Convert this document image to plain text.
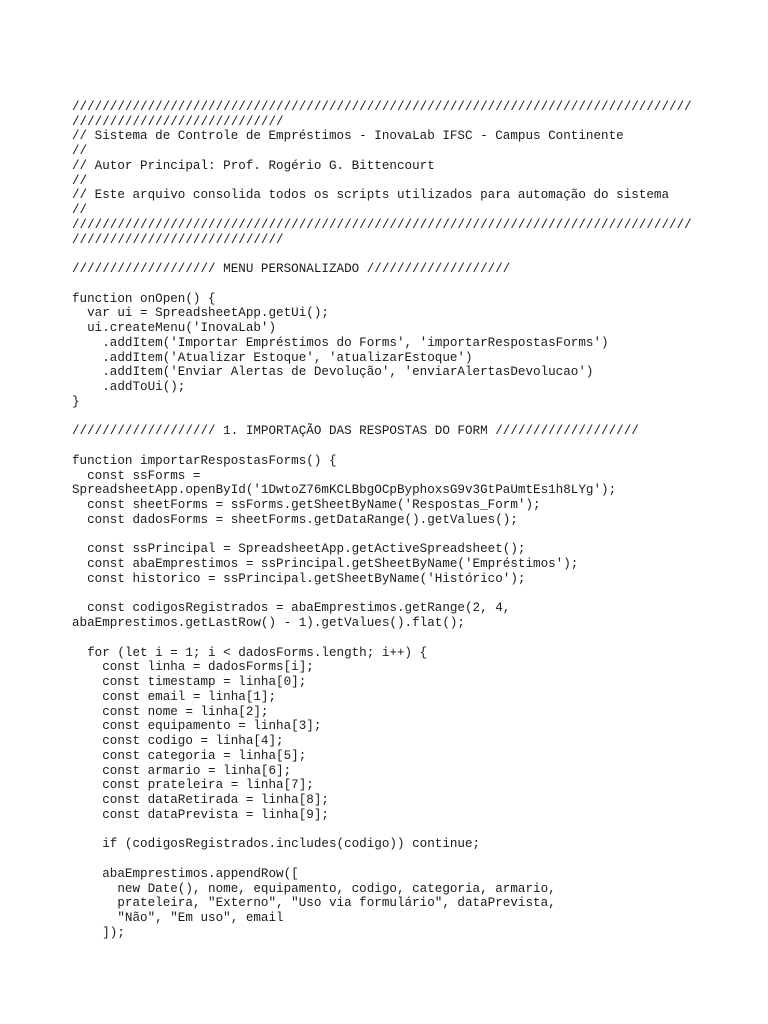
//////////////////////////////////////////////////////////////////////////////////
////////////////////////////
// Sistema de Controle de Empréstimos - InovaLab IFSC - Campus Continente
//
// Autor Principal: Prof. Rogério G. Bittencourt
//
// Este arquivo consolida todos os scripts utilizados para automação do sistema
//
//////////////////////////////////////////////////////////////////////////////////
////////////////////////////
/////////////////// MENU PERSONALIZADO ///////////////////
function onOpen() {
var ui = SpreadsheetApp.getUi();
ui.createMenu('InovaLab')
.addItem('Importar Empréstimos do Forms', 'importarRespostasForms')
.addItem('Atualizar Estoque', 'atualizarEstoque')
.addItem('Enviar Alertas de Devolução', 'enviarAlertasDevolucao')
.addToUi();
}
/////////////////// 1. IMPORTAÇÃO DAS RESPOSTAS DO FORM ///////////////////
function importarRespostasForms() {
const ssForms =
SpreadsheetApp.openById('1DwtoZ76mKCLBbgOCpByphoxsG9v3GtPaUmtEs1h8LYg');
const sheetForms = ssForms.getSheetByName('Respostas_Form');
const dadosForms = sheetForms.getDataRange().getValues();
const ssPrincipal = SpreadsheetApp.getActiveSpreadsheet();
const abaEmprestimos = ssPrincipal.getSheetByName('Empréstimos');
const historico = ssPrincipal.getSheetByName('Histórico');
const codigosRegistrados = abaEmprestimos.getRange(2, 4,
abaEmprestimos.getLastRow() - 1).getValues().flat();
for (let i = 1; i < dadosForms.length; i++) {
const linha = dadosForms[i];
const timestamp = linha[0];
const email = linha[1];
const nome = linha[2];
const equipamento = linha[3];
const codigo = linha[4];
const categoria = linha[5];
const armario = linha[6];
const prateleira = linha[7];
const dataRetirada = linha[8];
const dataPrevista = linha[9];
if (codigosRegistrados.includes(codigo)) continue;
abaEmprestimos.appendRow([
new Date(), nome, equipamento, codigo, categoria, armario,
prateleira, "Externo", "Uso via formulário", dataPrevista,
"Não", "Em uso", email
]);
